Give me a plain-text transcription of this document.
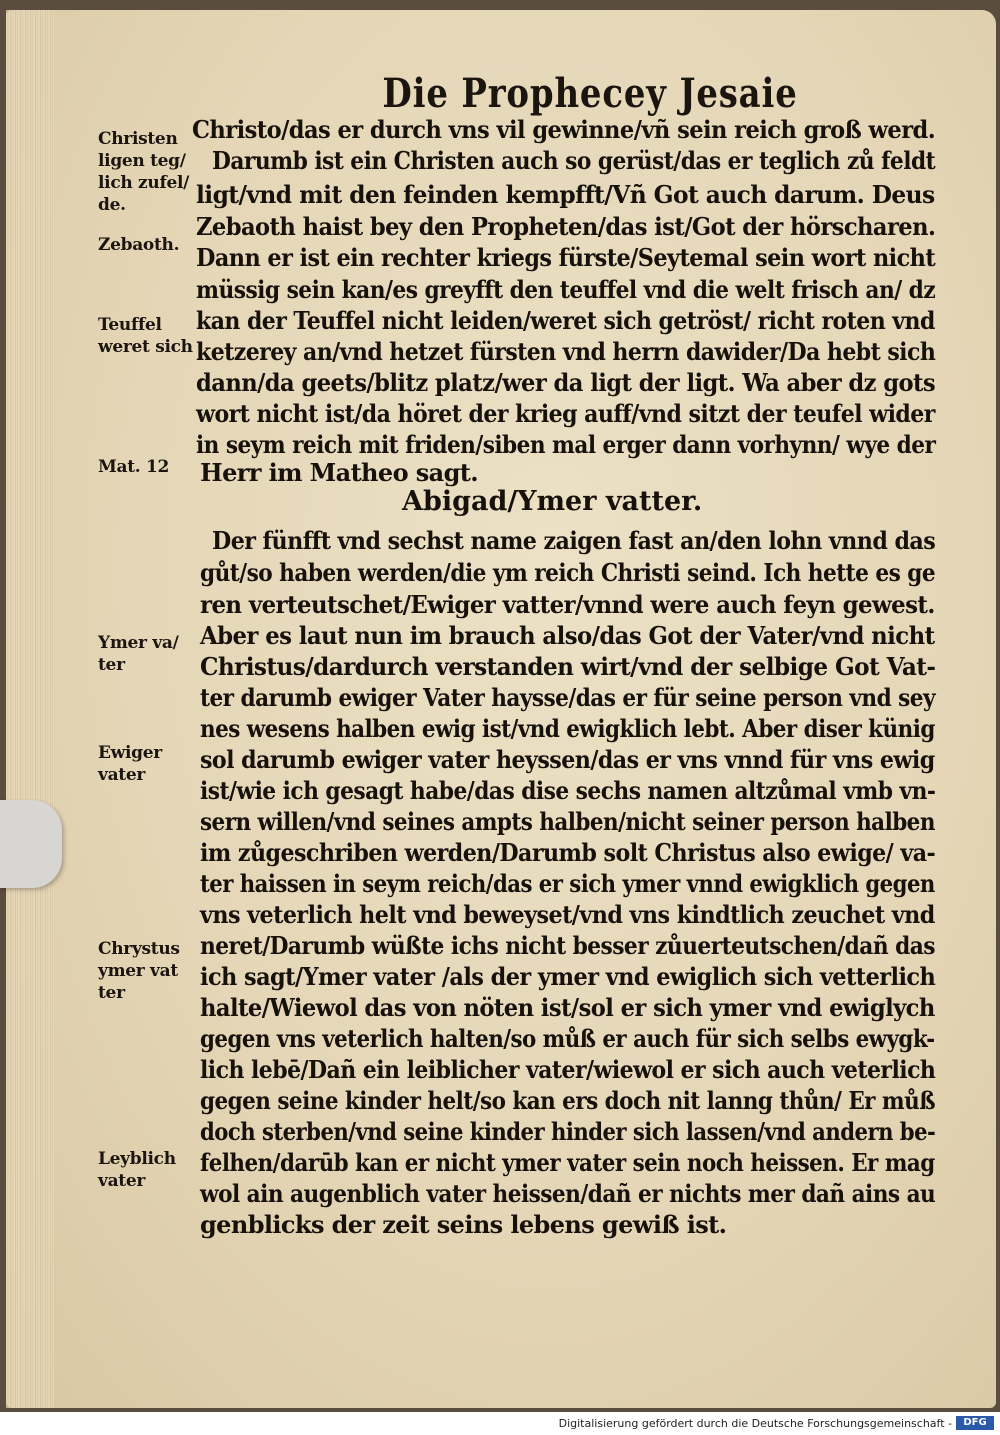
Die Prophecey Jesaie
Christen
ligen teg/
lich zufel/
de.
Zebaoth.
Teuffel
weret sich
Mat. 12
Ymer va/
ter
Ewiger
vater
Chrystus
ymer vat
ter
Leyblich
vater
Christo/das er durch vns vil gewinne/vñ sein reich groß werd.
Darumb ist ein Christen auch so gerüst/das er teglich zů feldt
ligt/vnd mit den feinden kempfft/Vñ Got auch darum. Deus
Zebaoth haist bey den Propheten/das ist/Got der hörscharen.
Dann er ist ein rechter kriegs fürste/Seytemal sein wort nicht
müssig sein kan/es greyfft den teuffel vnd die welt frisch an/ dz
kan der Teuffel nicht leiden/weret sich getröst/ richt roten vnd
ketzerey an/vnd hetzet fürsten vnd herrn dawider/Da hebt sich
dann/da geets/blitz platz/wer da ligt der ligt. Wa aber dz gots
wort nicht ist/da höret der krieg auff/vnd sitzt der teufel wider
in seym reich mit friden/siben mal erger dann vorhynn/ wye der
Herr im Matheo sagt.
Abigad/Ymer vatter.
Der fünfft vnd sechst name zaigen fast an/den lohn vnnd das
gůt/so haben werden/die ym reich Christi seind. Ich hette es ge
ren verteutschet/Ewiger vatter/vnnd were auch feyn gewest.
Aber es laut nun im brauch also/das Got der Vater/vnd nicht
Christus/dardurch verstanden wirt/vnd der selbige Got Vat-
ter darumb ewiger Vater haysse/das er für seine person vnd sey
nes wesens halben ewig ist/vnd ewigklich lebt. Aber diser künig
sol darumb ewiger vater heyssen/das er vns vnnd für vns ewig
ist/wie ich gesagt habe/das dise sechs namen altzůmal vmb vn-
sern willen/vnd seines ampts halben/nicht seiner person halben
im zůgeschriben werden/Darumb solt Christus also ewige/ va-
ter haissen in seym reich/das er sich ymer vnnd ewigklich gegen
vns veterlich helt vnd beweyset/vnd vns kindtlich zeuchet vnd
neret/Darumb wüßte ichs nicht besser zůuerteutschen/dañ das
ich sagt/Ymer vater /als der ymer vnd ewiglich sich vetterlich
halte/Wiewol das von nöten ist/sol er sich ymer vnd ewiglych
gegen vns veterlich halten/so můß er auch für sich selbs ewygk-
lich lebē/Dañ ein leiblicher vater/wiewol er sich auch veterlich
gegen seine kinder helt/so kan ers doch nit lanng thůn/ Er můß
doch sterben/vnd seine kinder hinder sich lassen/vnd andern be-
felhen/darūb kan er nicht ymer vater sein noch heissen. Er mag
wol ain augenblich vater heissen/dañ er nichts mer dañ ains au
genblicks der zeit seins lebens gewiß ist.
Digitalisierung gefördert durch die Deutsche Forschungsgemeinschaft -	DFG
